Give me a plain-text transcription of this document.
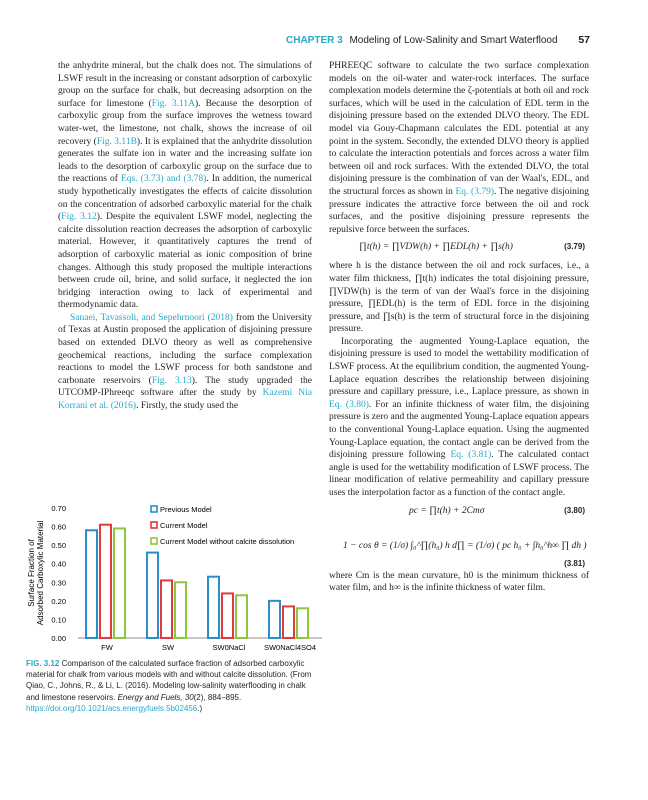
CHAPTER 3 Modeling of Low-Salinity and Smart Waterflood 57

the anhydrite mineral, but the chalk does not. The simulations of LSWF result in the increasing or constant adsorption of carboxylic group on the surface for chalk, but decreasing adsorption on the surface for limestone (Fig. 3.11A). Because the desorption of carboxylic group from the surface improves the wetness toward water-wet, the limestone, not chalk, shows the increase of oil recovery (Fig. 3.11B). It is explained that the anhydrite dissolution generates the sulfate ion in water and the increasing sulfate ion leads to the desorption of carboxylic group on the surface due to the reactions of Eqs. (3.73) and (3.78). In addition, the numerical study hypothetically investigates the effects of calcite dissolution on the concentration of adsorbed carboxylic material for the chalk (Fig. 3.12). Despite the equivalent LSWF model, neglecting the calcite dissolution reaction decreases the adsorption of carboxylic material. However, it quantitatively captures the trend of adsorption of carboxylic material as ionic composition of brine changes. Although this study proposed the multiple interactions between crude oil, brine, and solid surface, it neglected the ion bridging interaction owing to lack of experimental and thermodynamic data.

Sanaei, Tavassoli, and Sepehrnoori (2018) from the University of Texas at Austin proposed the application of disjoining pressure based on extended DLVO theory as well as comprehensive geochemical reactions, including the surface complexation reactions to model the LSWF process for both sandstone and carbonate reservoirs (Fig. 3.13). The study upgraded the UTCOMP-IPhreeqc software after the study by Kazemi Nia Korrani et al. (2016). Firstly, the study used the

PHREEQC software to calculate the two surface complexation models on the oil-water and water-rock interfaces. The surface complexation models determine the ζ-potentials at both oil and rock surfaces, which will be used in the calculation of EDL term in the disjoining pressure based on the extended DLVO theory. The EDL model via Gouy-Chapmann calculates the EDL potential at any point in the system. Secondly, the extended DLVO theory is applied to calculate the interaction potentials and forces across a water film between oil and rock surfaces. With the extended DLVO, the total disjoining pressure is the combination of van der Waal's, EDL, and the structural forces as shown in Eq. (3.79). The negative disjoining pressure indicates the attractive force between the oil and rock surfaces, and the positive disjoining pressure represents the repulsive force between the surfaces.

∏t(h) = ∏VDW(h) + ∏EDL(h) + ∏s(h)	(3.79)

where h is the distance between the oil and rock surfaces, i.e., a water film thickness, ∏t(h) indicates the total disjoining pressure, ∏VDW(h) is the term of van der Waal's force in the disjoining pressure, ∏EDL(h) is the term of EDL force in the disjoining pressure, and ∏s(h) is the term of structural force in the disjoining pressure.

Incorporating the augmented Young-Laplace equation, the disjoining pressure is used to model the wettability modification of LSWF process. At the equilibrium condition, the augmented Young-Laplace equation describes the relationship between disjoining pressure and capillary pressure, i.e., Laplace pressure, as shown in Eq. (3.80). For an infinite thickness of water film, the disjoining pressure is zero and the augmented Young-Laplace equation appears to the conventional Young-Laplace equation. Using the augmented Young-Laplace equation, the contact angle can be derived from the disjoining pressure following Eq. (3.81). The calculated contact angle is used for the wettability modification of LSWF process. The linear modification of relative permeability and capillary pressure uses the interpolation factor as a function of the contact angle.

pc = ∏t(h) + 2Cmσ	(3.80)
1 − cos θ = (1/σ) ∫₀^∏(h₀) h d∏ = (1/σ) ( pc h₀ + ∫h₀^h∞ ∏ dh )
(3.81)

where Cm is the mean curvature, h0 is the minimum thickness of water film, and h∞ is the infinite thickness of water film.

Surface Fraction ofAdsorbed Carboxylic Material
0.00
0.10
0.20
0.30
0.40
0.50
0.60
0.70
FW	SW	SW0NaCl SW0NaCl4SO4
Previous Model
Current Model
Current Model without calcite dissolution
FIG. 3.12 Comparison of the calculated surface fraction of adsorbed carboxylic material for chalk from various models with and without calcite dissolution. (From Qiao, C., Johns, R., & Li, L. (2016). Modeling low-salinity waterflooding in chalk and limestone reservoirs. Energy and Fuels, 30(2), 884–895. https://doi.org/10.1021/acs.energyfuels.5b02456.)
